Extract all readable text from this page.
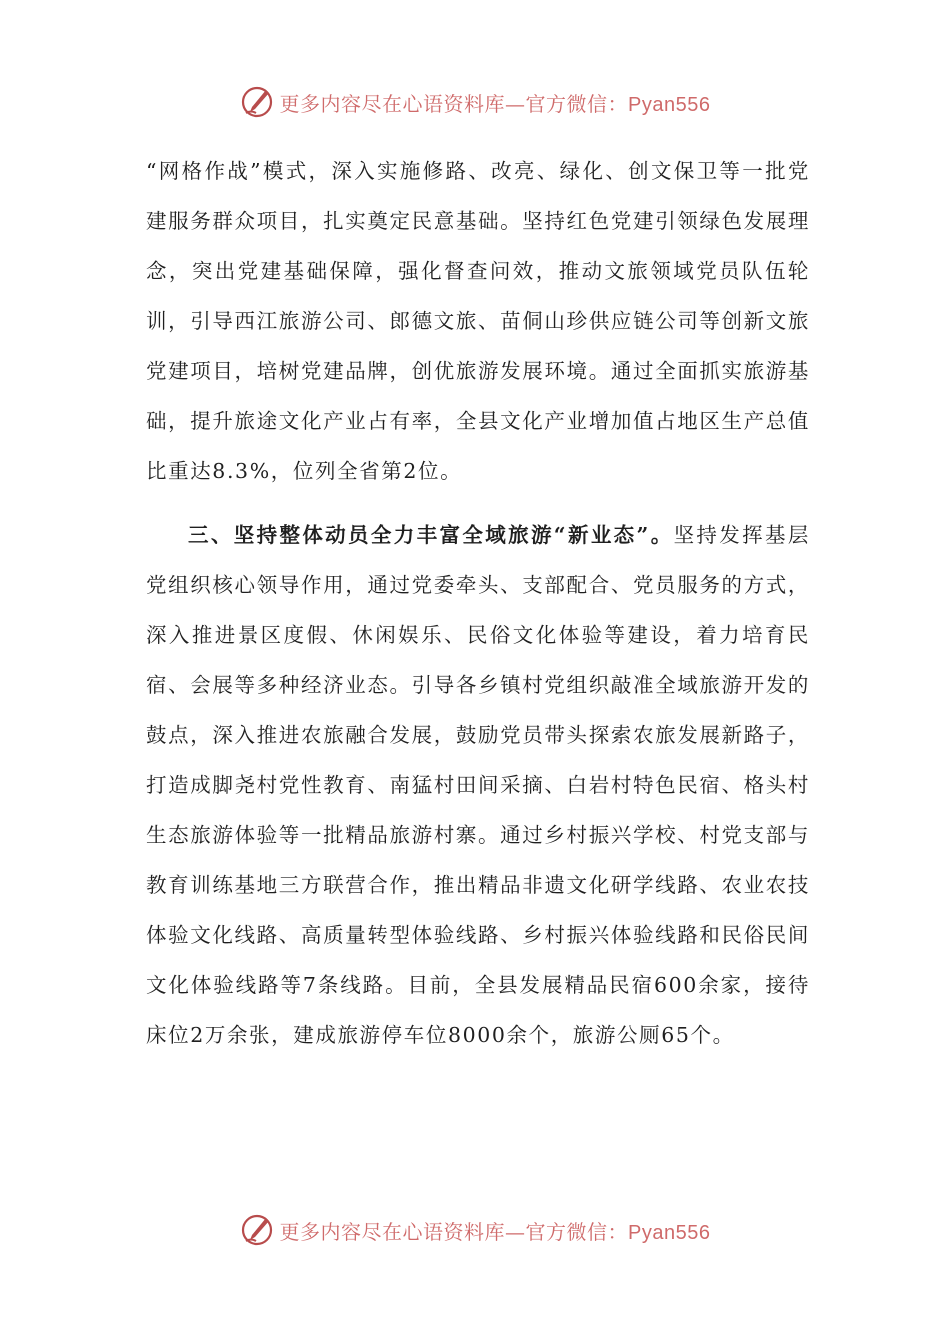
更多内容尽在心语资料库—官方微信：Pyan556

“网格作战”模式，深入实施修路、改亮、绿化、创文保卫等一批党建服务群众项目，扎实奠定民意基础。坚持红色党建引领绿色发展理念，突出党建基础保障，强化督查问效，推动文旅领域党员队伍轮训，引导西江旅游公司、郎德文旅、苗侗山珍供应链公司等创新文旅党建项目，培树党建品牌，创优旅游发展环境。通过全面抓实旅游基础，提升旅途文化产业占有率，全县文化产业增加值占地区生产总值比重达8.3%，位列全省第2位。

三、坚持整体动员全力丰富全域旅游“新业态”。坚持发挥基层党组织核心领导作用，通过党委牵头、支部配合、党员服务的方式，深入推进景区度假、休闲娱乐、民俗文化体验等建设，着力培育民宿、会展等多种经济业态。引导各乡镇村党组织敲准全域旅游开发的鼓点，深入推进农旅融合发展，鼓励党员带头探索农旅发展新路子，打造成脚尧村党性教育、南猛村田间采摘、白岩村特色民宿、格头村生态旅游体验等一批精品旅游村寨。通过乡村振兴学校、村党支部与教育训练基地三方联营合作，推出精品非遗文化研学线路、农业农技体验文化线路、高质量转型体验线路、乡村振兴体验线路和民俗民间文化体验线路等7条线路。目前，全县发展精品民宿600余家，接待床位2万余张，建成旅游停车位8000余个，旅游公厕65个。

更多内容尽在心语资料库—官方微信：Pyan556
